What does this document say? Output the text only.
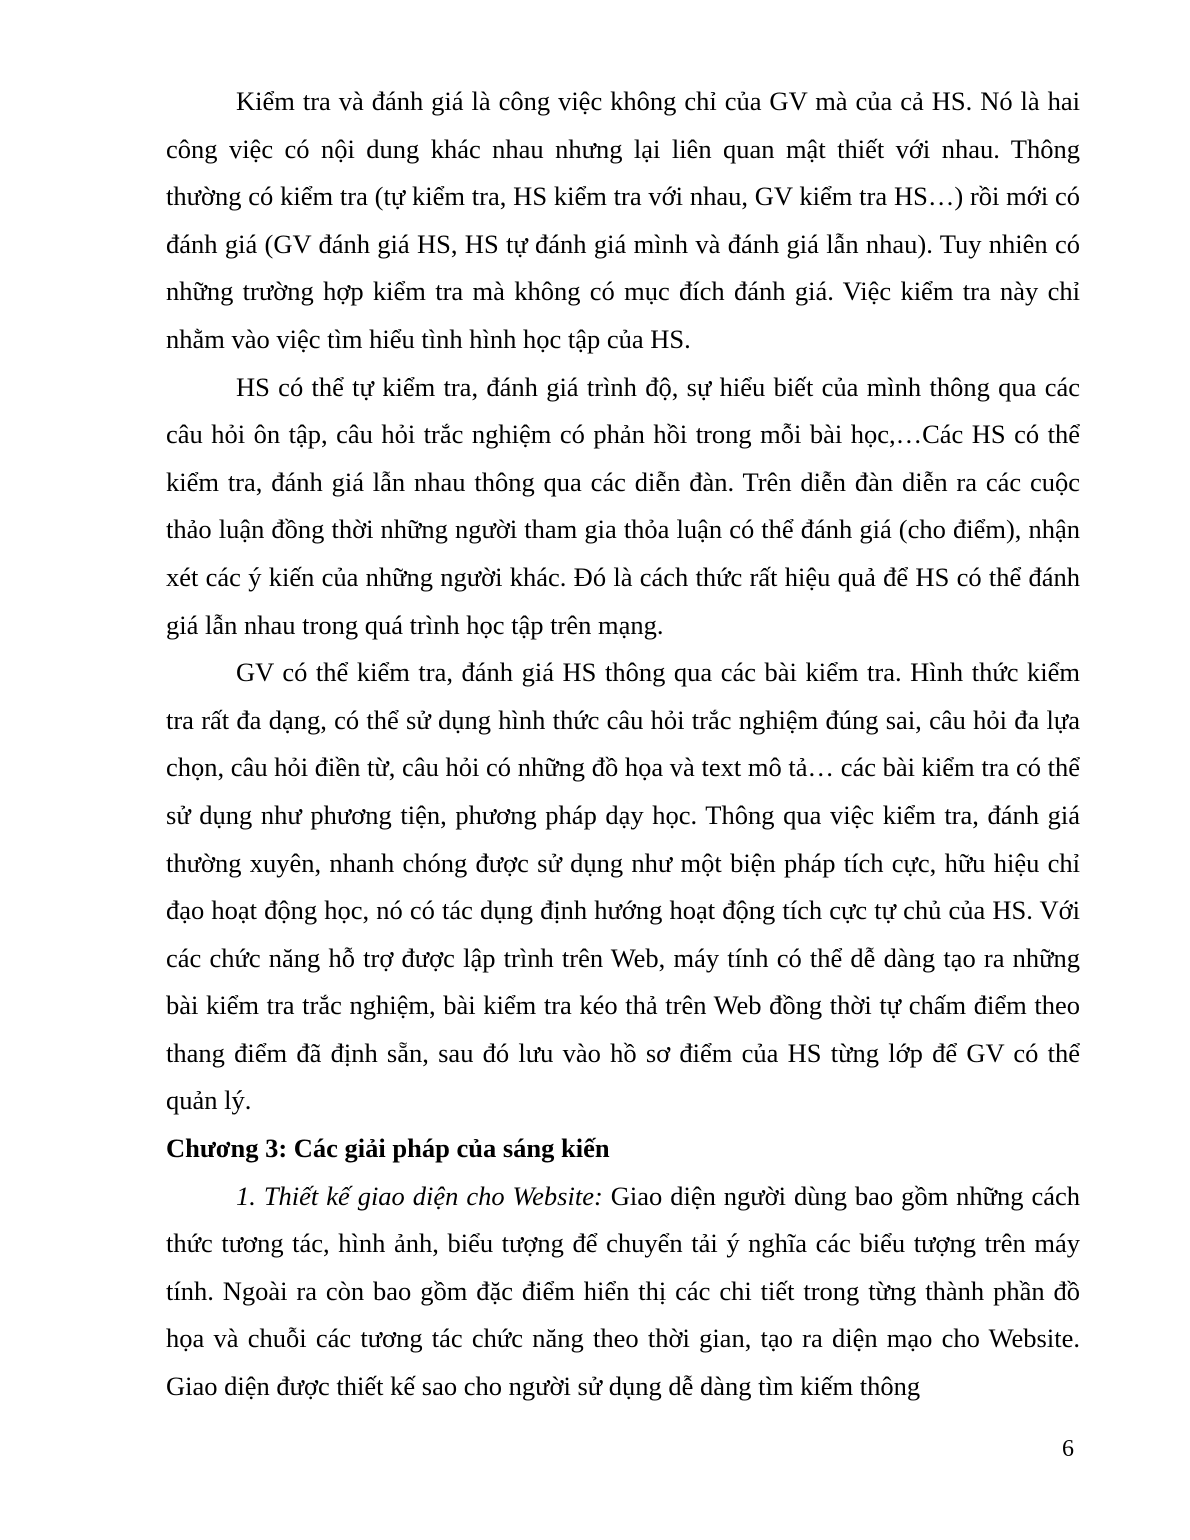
Kiểm tra và đánh giá là công việc không chỉ của GV mà của cả HS. Nó là hai công việc có nội dung khác nhau nhưng lại liên quan mật thiết với nhau. Thông thường có kiểm tra (tự kiểm tra, HS kiểm tra với nhau, GV kiểm tra HS…) rồi mới có đánh giá (GV đánh giá HS, HS tự đánh giá mình và đánh giá lẫn nhau). Tuy nhiên có những trường hợp kiểm tra mà không có mục đích đánh giá. Việc kiểm tra này chỉ nhằm vào việc tìm hiểu tình hình học tập của HS.

HS có thể tự kiểm tra, đánh giá trình độ, sự hiểu biết của mình thông qua các câu hỏi ôn tập, câu hỏi trắc nghiệm có phản hồi trong mỗi bài học,…Các HS có thể kiểm tra, đánh giá lẫn nhau thông qua các diễn đàn. Trên diễn đàn diễn ra các cuộc thảo luận đồng thời những người tham gia thỏa luận có thể đánh giá (cho điểm), nhận xét các ý kiến của những người khác. Đó là cách thức rất hiệu quả để HS có thể đánh giá lẫn nhau trong quá trình học tập trên mạng.

GV có thể kiểm tra, đánh giá HS thông qua các bài kiểm tra. Hình thức kiểm tra rất đa dạng, có thể sử dụng hình thức câu hỏi trắc nghiệm đúng sai, câu hỏi đa lựa chọn, câu hỏi điền từ, câu hỏi có những đồ họa và text mô tả… các bài kiểm tra có thể sử dụng như phương tiện, phương pháp dạy học. Thông qua việc kiểm tra, đánh giá thường xuyên, nhanh chóng được sử dụng như một biện pháp tích cực, hữu hiệu chỉ đạo hoạt động học, nó có tác dụng định hướng hoạt động tích cực tự chủ của HS. Với các chức năng hỗ trợ được lập trình trên Web, máy tính có thể dễ dàng tạo ra những bài kiểm tra trắc nghiệm, bài kiểm tra kéo thả trên Web đồng thời tự chấm điểm theo thang điểm đã định sẵn, sau đó lưu vào hồ sơ điểm của HS từng lớp để GV có thể quản lý.

Chương 3: Các giải pháp của sáng kiến

1. Thiết kế giao diện cho Website: Giao diện người dùng bao gồm những cách thức tương tác, hình ảnh, biểu tượng để chuyển tải ý nghĩa các biểu tượng trên máy tính. Ngoài ra còn bao gồm đặc điểm hiển thị các chi tiết trong từng thành phần đồ họa và chuỗi các tương tác chức năng theo thời gian, tạo ra diện mạo cho Website. Giao diện được thiết kế sao cho người sử dụng dễ dàng tìm kiếm thông

6
